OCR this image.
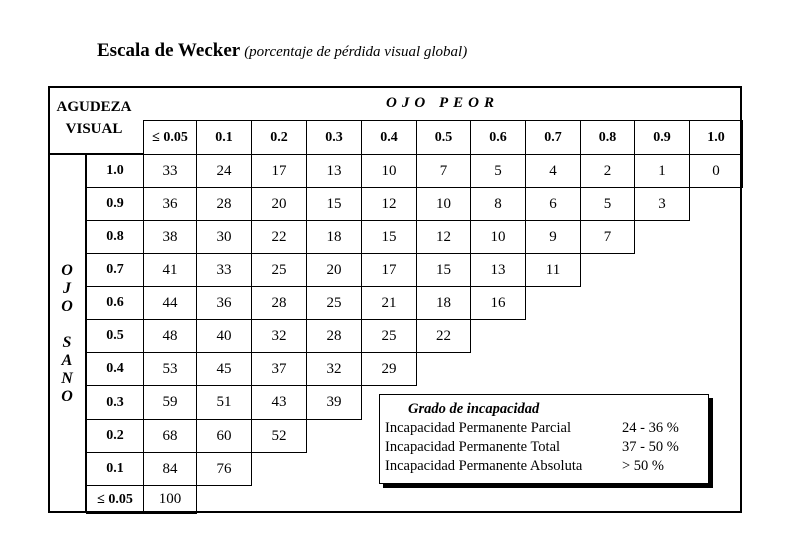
Escala de Wecker (porcentaje de pérdida visual global)
AGUDEZA
VISUAL
OJO PEOR
≤ 0.05	0.1	0.2	0.3	0.4	0.5	0.6	0.7	0.8	0.9	1.0
1.0	33	24	17	13	10	7	5	4	2	1	0
0.9	36	28	20	15	12	10	8	6	5	3
0.8	38	30	22	18	15	12	10	9	7
0.7	41	33	25	20	17	15	13	11
0.6	44	36	28	25	21	18	16
0.5	48	40	32	28	25	22
0.4	53	45	37	32	29
0.3	59	51	43	39
0.2	68	60	52
0.1	84	76
≤ 0.05	100
O
J
O

S
A
N
O
Grado de incapacidad
Incapacidad Permanente Parcial	24 - 36 %
Incapacidad Permanente Total	37 - 50 %
Incapacidad Permanente Absoluta	> 50 %
